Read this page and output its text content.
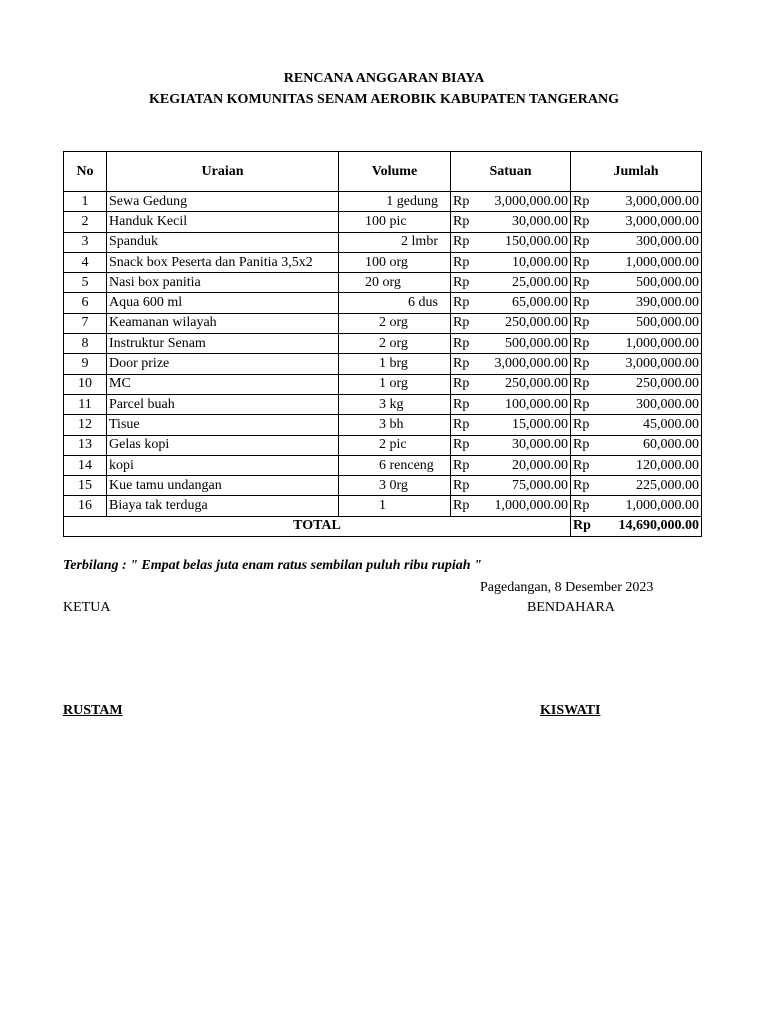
RENCANA ANGGARAN BIAYA
KEGIATAN KOMUNITAS SENAM AEROBIK KABUPATEN TANGERANG
No	Uraian	Volume	Satuan	Jumlah
1	Sewa Gedung	1 gedung	Rp 3,000,000.00	Rp 3,000,000.00

2	Handuk Kecil	100 pic	Rp 30,000.00	Rp 3,000,000.00

3	Spanduk	2 lmbr	Rp 150,000.00	Rp 300,000.00

4	Snack box Peserta dan Panitia 3,5x2	100 org	Rp 10,000.00	Rp 1,000,000.00

5	Nasi box panitia	20 org	Rp 25,000.00	Rp 500,000.00

6	Aqua 600 ml	6 dus	Rp 65,000.00	Rp 390,000.00

7	Keamanan wilayah	2 org	Rp 250,000.00	Rp 500,000.00

8	Instruktur Senam	2 org	Rp 500,000.00	Rp 1,000,000.00

9	Door prize	1 brg	Rp 3,000,000.00	Rp 3,000,000.00

10	MC	1 org	Rp 250,000.00	Rp 250,000.00

11	Parcel buah	3 kg	Rp 100,000.00	Rp 300,000.00

12	Tisue	3 bh	Rp 15,000.00	Rp 45,000.00

13	Gelas kopi	2 pic	Rp 30,000.00	Rp 60,000.00

14	kopi	6 renceng	Rp 20,000.00	Rp 120,000.00

15	Kue tamu undangan	3 0rg	Rp 75,000.00	Rp 225,000.00

16	Biaya tak terduga	1	Rp 1,000,000.00	Rp 1,000,000.00

TOTAL				Rp 14,690,000.00
Terbilang : " Empat belas juta enam ratus sembilan puluh ribu rupiah "
Pagedangan, 8 Desember 2023
KETUA	BENDAHARA
RUSTAM	KISWATI
